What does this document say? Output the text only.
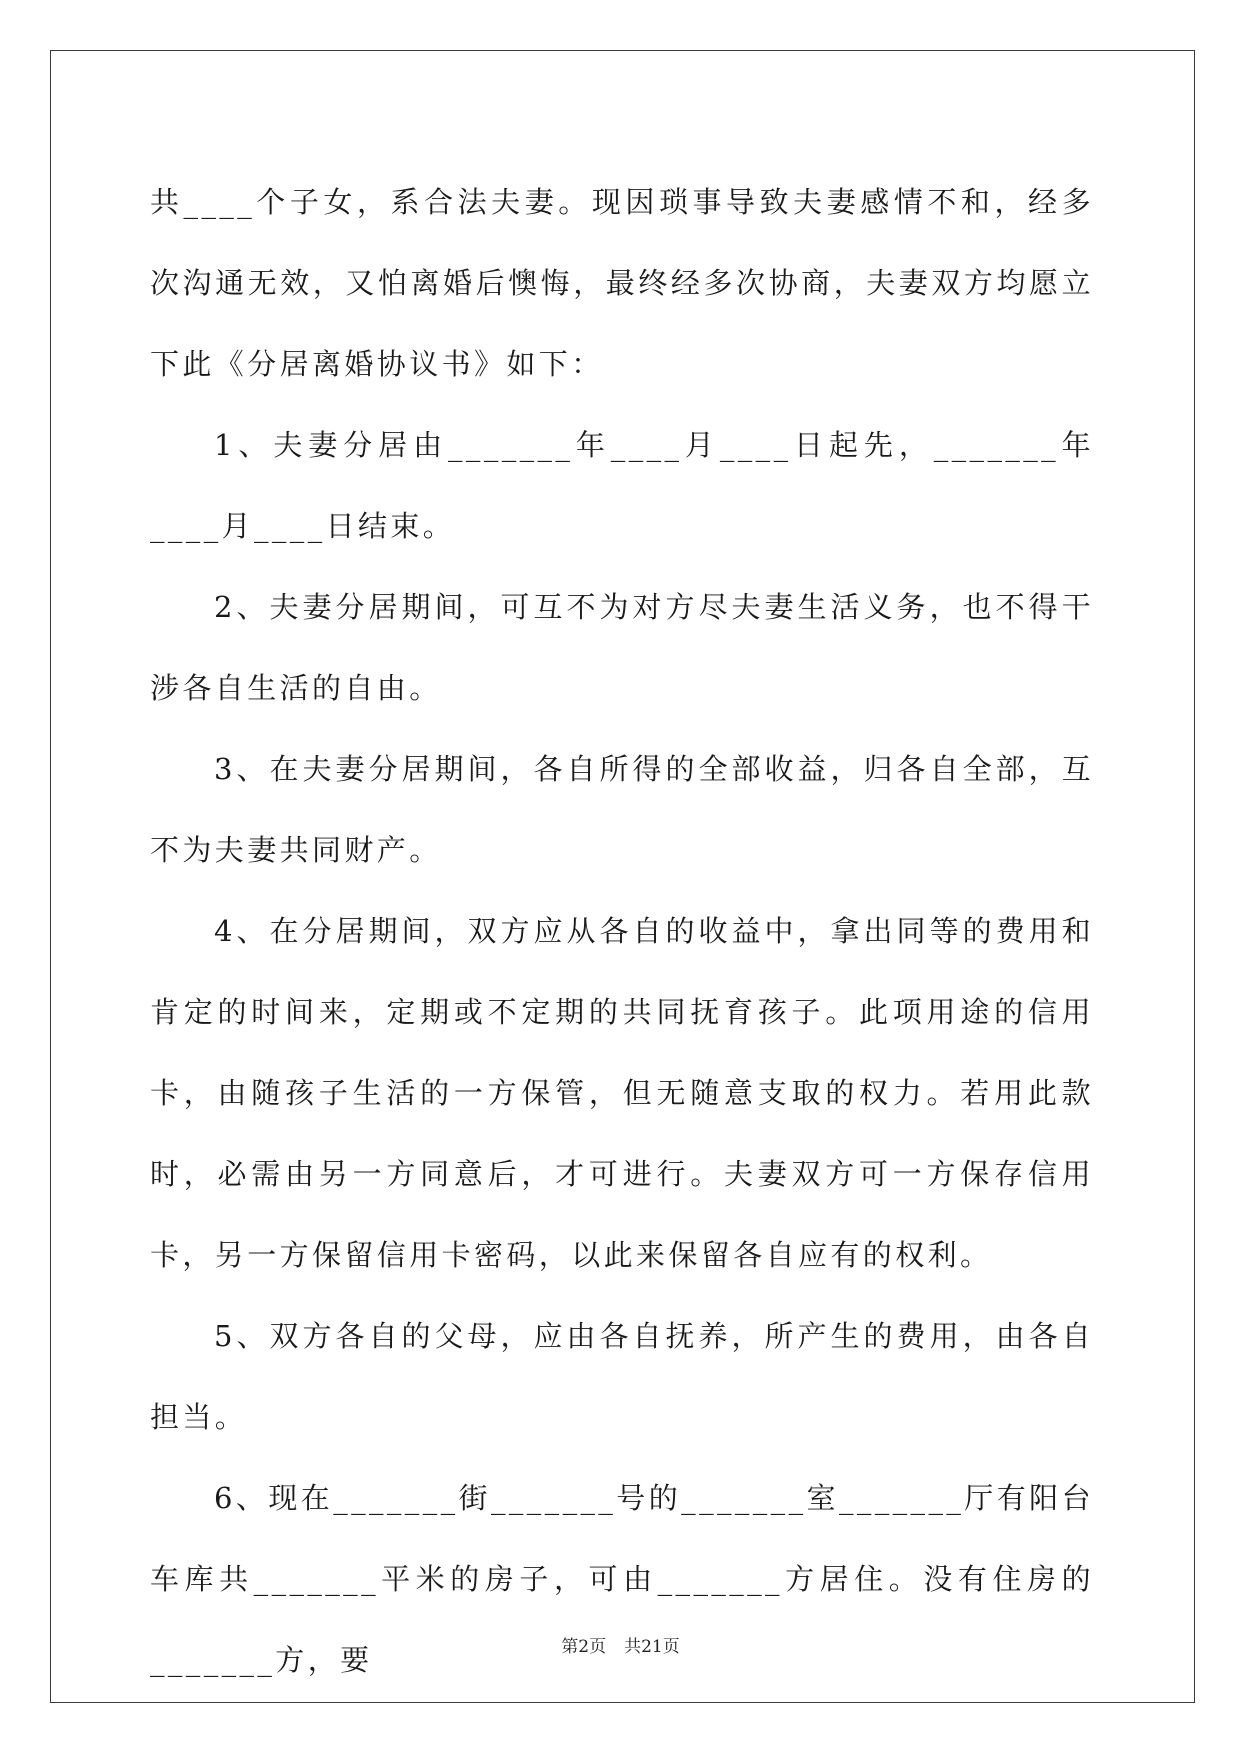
共____个子女，系合法夫妻。现因琐事导致夫妻感情不和，经多次沟通无效，又怕离婚后懊悔，最终经多次协商，夫妻双方均愿立下此《分居离婚协议书》如下：

1、夫妻分居由_______年____月____日起先，_______年____月____日结束。

2、夫妻分居期间，可互不为对方尽夫妻生活义务，也不得干涉各自生活的自由。

3、在夫妻分居期间，各自所得的全部收益，归各自全部，互不为夫妻共同财产。

4、在分居期间，双方应从各自的收益中，拿出同等的费用和肯定的时间来，定期或不定期的共同抚育孩子。此项用途的信用卡，由随孩子生活的一方保管，但无随意支取的权力。若用此款时，必需由另一方同意后，才可进行。夫妻双方可一方保存信用卡，另一方保留信用卡密码，以此来保留各自应有的权利。

5、双方各自的父母，应由各自抚养，所产生的费用，由各自担当。

6、现在_______街_______号的_______室_______厅有阳台车库共_______平米的房子，可由_______方居住。没有住房的_______方，要	第2页 共21页
